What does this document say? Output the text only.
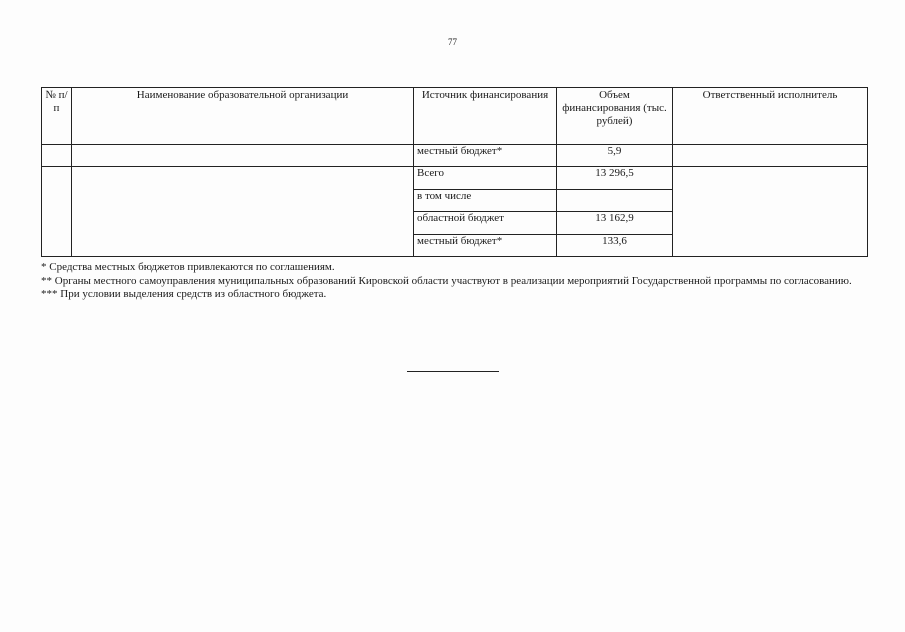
77
№ п/п	Наименование образовательной организации	Источник финансирования	Объем финансирования (тыс. рублей)	Ответственный исполнитель
		местный бюджет*	5,9	
		Всего	13 296,5	
		в том числе		
		областной бюджет	13 162,9	
		местный бюджет*	133,6	

* Средства местных бюджетов привлекаются по соглашениям.

** Органы местного самоуправления муниципальных образований Кировской области участвуют в реализации мероприятий Государственной программы по согласованию.

*** При условии выделения средств из областного бюджета.
